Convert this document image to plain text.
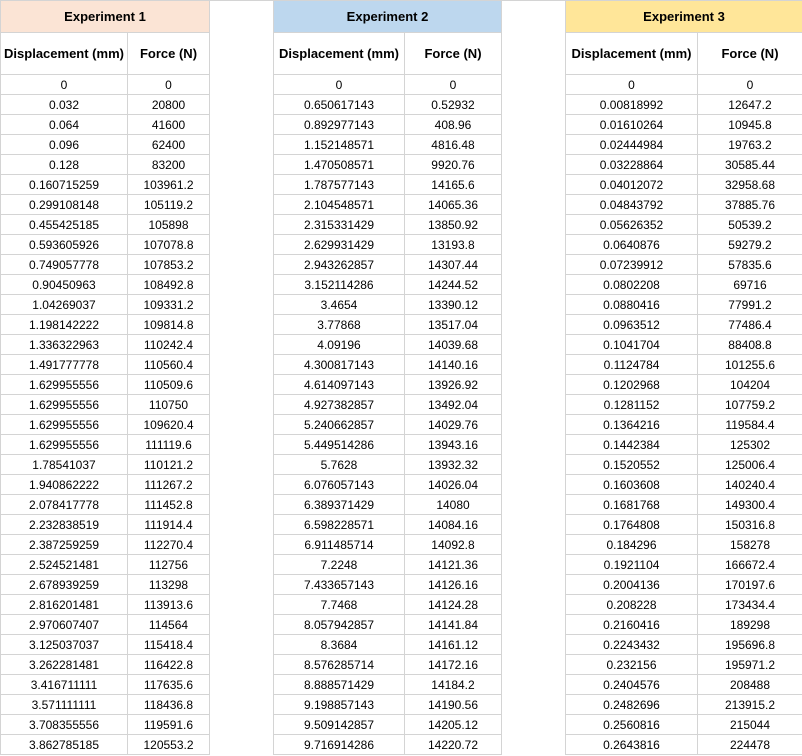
Experiment 1			Experiment 2			Experiment 3	
Displacement (mm)	Force (N)		Displacement (mm)	Force (N)		Displacement (mm)	Force (N)
0	0		0	0		0	0
0.032	20800		0.650617143	0.52932		0.00818992	12647.2
0.064	41600		0.892977143	408.96		0.01610264	10945.8
0.096	62400		1.152148571	4816.48		0.02444984	19763.2
0.128	83200		1.470508571	9920.76		0.03228864	30585.44
0.160715259	103961.2		1.787577143	14165.6		0.04012072	32958.68
0.299108148	105119.2		2.104548571	14065.36		0.04843792	37885.76
0.455425185	105898		2.315331429	13850.92		0.05626352	50539.2
0.593605926	107078.8		2.629931429	13193.8		0.0640876	59279.2
0.749057778	107853.2		2.943262857	14307.44		0.07239912	57835.6
0.90450963	108492.8		3.152114286	14244.52		0.0802208	69716
1.04269037	109331.2		3.4654	13390.12		0.0880416	77991.2
1.198142222	109814.8		3.77868	13517.04		0.0963512	77486.4
1.336322963	110242.4		4.09196	14039.68		0.1041704	88408.8
1.491777778	110560.4		4.300817143	14140.16		0.1124784	101255.6
1.629955556	110509.6		4.614097143	13926.92		0.1202968	104204
1.629955556	110750		4.927382857	13492.04		0.1281152	107759.2
1.629955556	109620.4		5.240662857	14029.76		0.1364216	119584.4
1.629955556	111119.6		5.449514286	13943.16		0.1442384	125302
1.78541037	110121.2		5.7628	13932.32		0.1520552	125006.4
1.940862222	111267.2		6.076057143	14026.04		0.1603608	140240.4
2.078417778	111452.8		6.389371429	14080		0.1681768	149300.4
2.232838519	111914.4		6.598228571	14084.16		0.1764808	150316.8
2.387259259	112270.4		6.911485714	14092.8		0.184296	158278
2.524521481	112756		7.2248	14121.36		0.1921104	166672.4
2.678939259	113298		7.433657143	14126.16		0.2004136	170197.6
2.816201481	113913.6		7.7468	14124.28		0.208228	173434.4
2.970607407	114564		8.057942857	14141.84		0.2160416	189298
3.125037037	115418.4		8.3684	14161.12		0.2243432	195696.8
3.262281481	116422.8		8.576285714	14172.16		0.232156	195971.2
3.416711111	117635.6		8.888571429	14184.2		0.2404576	208488
3.571111111	118436.8		9.198857143	14190.56		0.2482696	213915.2
3.708355556	119591.6		9.509142857	14205.12		0.2560816	215044
3.862785185	120553.2		9.716914286	14220.72		0.2643816	224478
